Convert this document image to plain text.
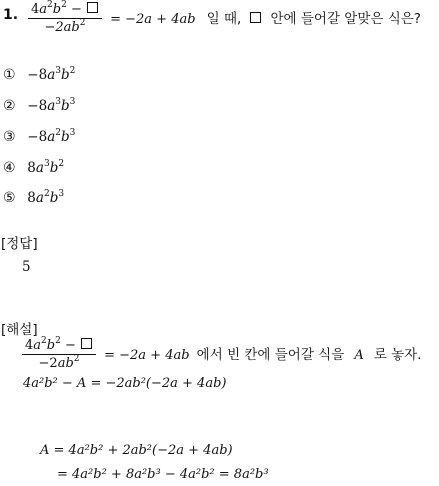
1. $\frac{4a^2b^2 -}{-2ab^2} = -2a + 4ab$ 일 때, 안에 들어갈 알맞은 식은?
① $-8a^3b^2$
② $-8a^3b^3$
③ $-8a^2b^3$
④ $8a^3b^2$
⑤ $8a^2b^3$
[정답]
5
[해설]
$\frac{4a^2b^2 -}{-2ab^2} = -2a + 4ab$ 에서 빈 칸에 들어갈 식을 A 로 놓자.
4a²b² − A = −2ab²(−2a + 4ab)
A = 4a²b² + 2ab²(−2a + 4ab)
= 4a²b² + 8a²b³ − 4a²b² = 8a²b³
